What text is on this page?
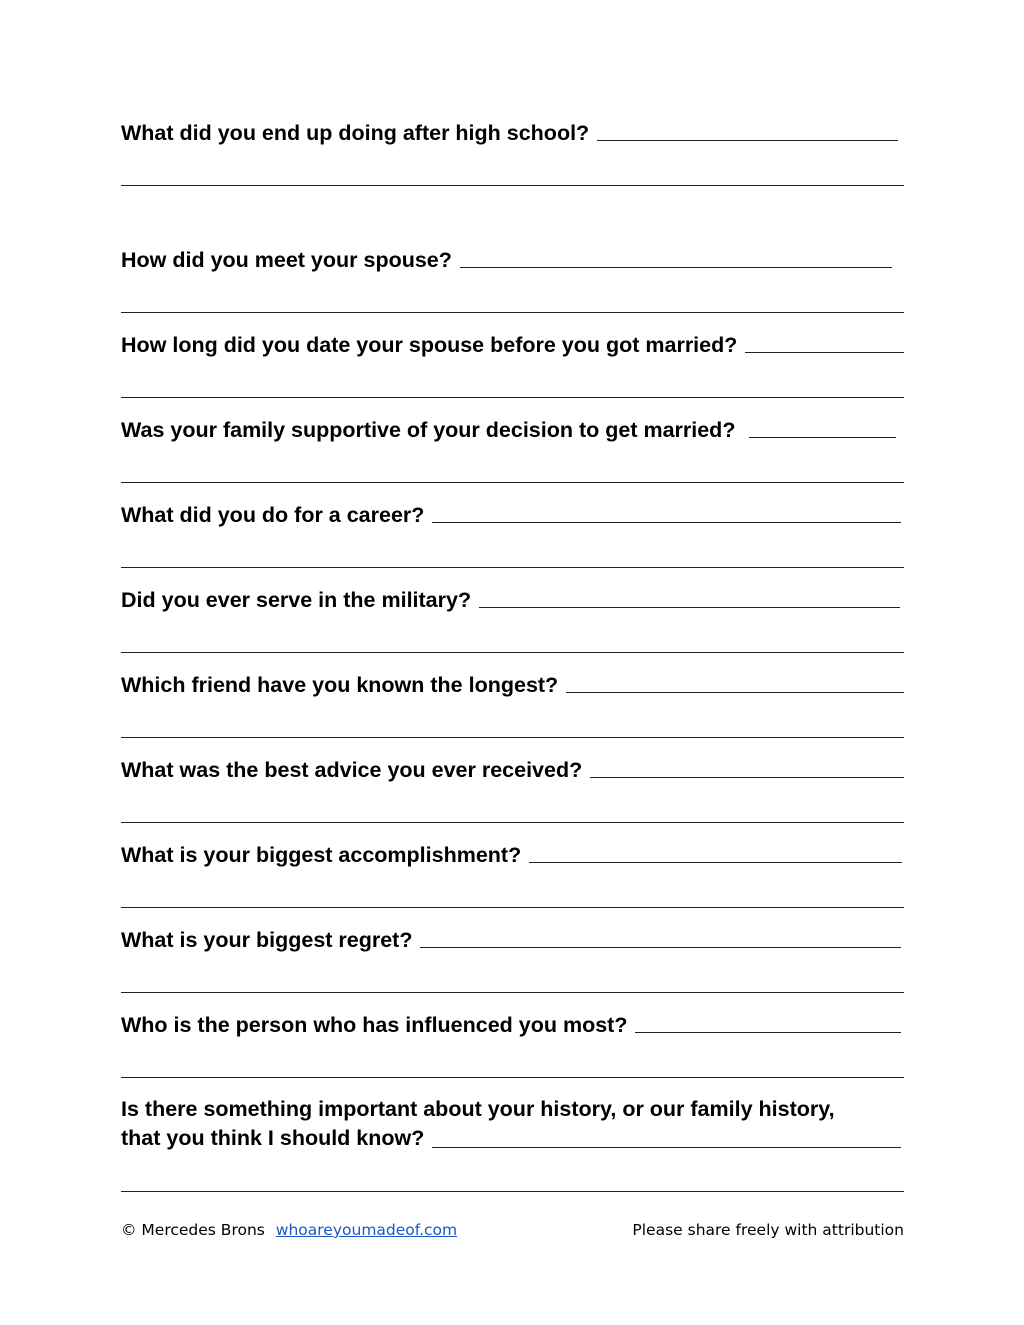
What did you end up doing after high school?
How did you meet your spouse?
How long did you date your spouse before you got married?
Was your family supportive of your decision to get married?
What did you do for a career?
Did you ever serve in the military?
Which friend have you known the longest?
What was the best advice you ever received?
What is your biggest accomplishment?
What is your biggest regret?
Who is the person who has influenced you most?
Is there something important about your history, or our family history,
that you think I should know?
© Mercedes Brons whoareyoumadeof.com	Please share freely with attribution
